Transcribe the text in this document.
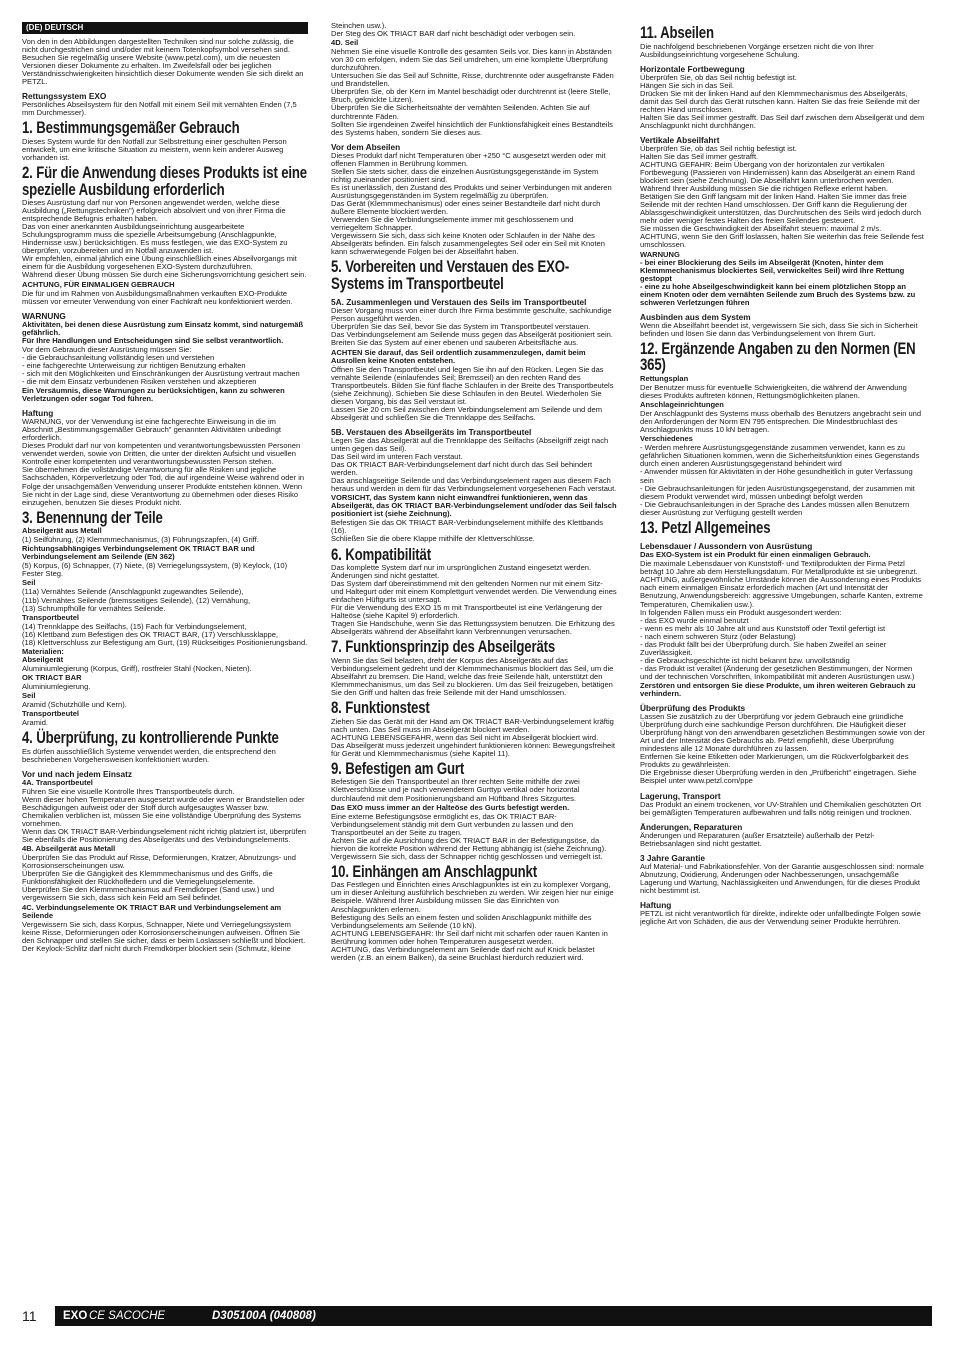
(DE) DEUTSCH

Von den in den Abbildungen dargestellten Techniken sind nur solche zulässig, die nicht durchgestrichen sind und/oder mit keinem Totenkopfsymbol versehen sind. Besuchen Sie regelmäßig unsere Website (www.petzl.com), um die neuesten Versionen dieser Dokumente zu erhalten. Im Zweifelsfall oder bei jeglichen Verständnisschwierigkeiten hinsichtlich dieser Dokumente wenden Sie sich direkt an PETZL.

Rettungssystem EXO

Persönliches Abseilsystem für den Notfall mit einem Seil mit vernähten Enden (7,5 mm Durchmesser).

1. Bestimmungsgemäßer Gebrauch

Dieses System wurde für den Notfall zur Selbstrettung einer geschulten Person entwickelt, um eine kritische Situation zu meistern, wenn kein anderer Ausweg vorhanden ist.

2. Für die Anwendung dieses Produkts ist eine spezielle Ausbildung erforderlich

Dieses Ausrüstung darf nur von Personen angewendet werden, welche diese Ausbildung („Rettungstechniken") erfolgreich absolviert und von ihrer Firma die entsprechende Befugnis erhalten haben.
Das von einer anerkannten Ausbildungseinrichtung ausgearbeitete Schulungsprogramm muss die spezielle Arbeitsumgebung (Anschlagpunkte, Hindernisse usw.) berücksichtigen. Es muss festlegen, wie das EXO-System zu überprüfen, vorzubereiten und im Notfall anzuwenden ist.
Wir empfehlen, einmal jährlich eine Übung einschließlich eines Abseilvorgangs mit einem für die Ausbildung vorgesehenen EXO-System durchzuführen.
Während dieser Übung müssen Sie durch eine Sicherungsvorrichtung gesichert sein.

ACHTUNG, FÜR EINMALIGEN GEBRAUCH

Die für und im Rahmen von Ausbildungsmaßnahmen verkauften EXO-Produkte müssen vor erneuter Verwendung von einer Fachkraft neu konfektioniert werden.

WARNUNG

Aktivitäten, bei denen diese Ausrüstung zum Einsatz kommt, sind naturgemäß gefährlich.
Für Ihre Handlungen und Entscheidungen sind Sie selbst verantwortlich.

Vor dem Gebrauch dieser Ausrüstung müssen Sie:
- die Gebrauchsanleitung vollständig lesen und verstehen
- eine fachgerechte Unterweisung zur richtigen Benutzung erhalten
- sich mit den Möglichkeiten und Einschränkungen der Ausrüstung vertraut machen
- die mit dem Einsatz verbundenen Risiken verstehen und akzeptieren

Ein Versäumnis, diese Warnungen zu berücksichtigen, kann zu schweren Verletzungen oder sogar Tod führen.

Haftung

WARNUNG, vor der Verwendung ist eine fachgerechte Einweisung in die im Abschnitt „Bestimmungsgemäßer Gebrauch" genannten Aktivitäten unbedingt erforderlich.
Dieses Produkt darf nur von kompetenten und verantwortungsbewussten Personen verwendet werden, sowie von Dritten, die unter der direkten Aufsicht und visuellen Kontrolle einer kompetenten und verantwortungsbewussten Person stehen.
Sie übernehmen die vollständige Verantwortung für alle Risiken und jegliche Sachschäden, Körperverletzung oder Tod, die auf irgendeine Weise während oder in Folge der unsachgemäßen Verwendung unserer Produkte entstehen können. Wenn Sie nicht in der Lage sind, diese Verantwortung zu übernehmen oder dieses Risiko einzugehen, benutzen Sie dieses Produkt nicht.

3. Benennung der Teile

Abseilgerät aus Metall

(1) Seilführung, (2) Klemmmechanismus, (3) Führungszapfen, (4) Griff.

Richtungsabhängiges Verbindungselement OK TRIACT BAR und Verbindungselement am Seilende (EN 362)

(5) Korpus, (6) Schnapper, (7) Niete, (8) Verriegelungssystem, (9) Keylock, (10) Fester Steg.

Seil

(11a) Vernähtes Seilende (Anschlagpunkt zugewandtes Seilende),
(11b) Vernähtes Seilende (bremsseitiges Seilende), (12) Vernähung,
(13) Schrumpfhülle für vernähtes Seilende.

Transportbeutel

(14) Trennklappe des Seilfachs, (15) Fach für Verbindungselement,
(16) Klettband zum Befestigen des OK TRIACT BAR, (17) Verschlussklappe,
(18) Klettverschluss zur Befestigung am Gurt, (19) Rückseitiges Positionierungsband.

Materialien:
Abseilgerät

Aluminiumlegierung (Korpus, Griff), rostfreier Stahl (Nocken, Nieten).

OK TRIACT BAR

Aluminiumlegierung.

Seil

Aramid (Schutzhülle und Kern).

Transportbeutel

Aramid.

4. Überprüfung, zu kontrollierende Punkte

Es dürfen ausschließlich Systeme verwendet werden, die entsprechend den beschriebenen Vorgehensweisen konfektioniert wurden.

Vor und nach jedem Einsatz

4A. Transportbeutel

Führen Sie eine visuelle Kontrolle Ihres Transportbeutels durch.
Wenn dieser hohen Temperaturen ausgesetzt wurde oder wenn er Brandstellen oder Beschädigungen aufweist oder der Stoff durch aufgesaugtes Wasser bzw. Chemikalien verblichen ist, müssen Sie eine vollständige Überprüfung des Systems vornehmen.
Wenn das OK TRIACT BAR-Verbindungselement nicht richtig platziert ist, überprüfen Sie ebenfalls die Positionierung des Abseilgeräts und des Verbindungselements.

4B. Abseilgerät aus Metall

Überprüfen Sie das Produkt auf Risse, Deformierungen, Kratzer, Abnutzungs- und Korrosionserscheinungen usw.
Überprüfen Sie die Gängigkeit des Klemmmechanismus und des Griffs, die Funktionsfähigkeit der Rückholfedern und die Verriegelungselemente.
Überprüfen Sie den Klemmmechanismus auf Fremdkörper (Sand usw.) und vergewissern Sie sich, dass sich kein Feld am Seil befindet.

4C. Verbindungselemente OK TRIACT BAR und Verbindungselement am Seilende

Vergewissern Sie sich, dass Korpus, Schnapper, Niete und Verriegelungssystem keine Risse, Deformierungen oder Korrosionserscheinungen aufweisen. Öffnen Sie den Schnapper und stellen Sie sicher, dass er beim Loslassen schließt und blockiert.
Der Keylock-Schlitz darf nicht durch Fremdkörper blockiert sein (Schmutz, kleine

Steinchen usw.).
Der Steg des OK TRIACT BAR darf nicht beschädigt oder verbogen sein.

4D. Seil

Nehmen Sie eine visuelle Kontrolle des gesamten Seils vor. Dies kann in Abständen von 30 cm erfolgen, indem Sie das Seil umdrehen, um eine komplette Überprüfung durchzuführen.
Untersuchen Sie das Seil auf Schnitte, Risse, durchtrennte oder ausgefranste Fäden und Brandstellen.
Überprüfen Sie, ob der Kern im Mantel beschädigt oder durchtrennt ist (leere Stelle, Bruch, geknickte Litzen).
Überprüfen Sie die Sicherheitsnähte der vernähten Seilenden. Achten Sie auf durchtrennte Fäden.
Sollten Sie irgendeinen Zweifel hinsichtlich der Funktionsfähigkeit eines Bestandteils des Systems haben, sondern Sie dieses aus.

Vor dem Abseilen

Dieses Produkt darf nicht Temperaturen über +250 °C ausgesetzt werden oder mit offenen Flammen in Berührung kommen.
Stellen Sie stets sicher, dass die einzelnen Ausrüstungsgegenstände im System richtig zueinander positioniert sind.
Es ist unerlässlich, den Zustand des Produkts und seiner Verbindungen mit anderen Ausrüstungsgegenständen im System regelmäßig zu überprüfen.
Das Gerät (Klemmmechanismus) oder eines seiner Bestandteile darf nicht durch äußere Elemente blockiert werden.
Verwenden Sie die Verbindungselemente immer mit geschlossenem und verriegeltem Schnapper.
Vergewissern Sie sich, dass sich keine Knoten oder Schlaufen in der Nähe des Abseilgeräts befinden. Ein falsch zusammengelegtes Seil oder ein Seil mit Knoten kann schwerwiegende Folgen bei der Abseilfahrt haben.

5. Vorbereiten und Verstauen des EXO-Systems im Transportbeutel
5A. Zusammenlegen und Verstauen des Seils im Transportbeutel

Dieser Vorgang muss von einer durch Ihre Firma bestimmte geschulte, sachkundige Person ausgeführt werden.
Überprüfen Sie das Seil, bevor Sie das System im Transportbeutel verstauen.
Das Verbindungselement am Seilende muss gegen das Abseilgerät positioniert sein. Breiten Sie das System auf einer ebenen und sauberen Arbeitsfläche aus.

ACHTEN Sie darauf, das Seil ordentlich zusammenzulegen, damit beim Ausrollen keine Knoten entstehen.

Öffnen Sie den Transportbeutel und legen Sie ihn auf den Rücken. Legen Sie das vernähte Seilende (einlaufendes Seil; Bremsseil) an den rechten Rand des Transportbeutels. Bilden Sie fünf flache Schlaufen in der Breite des Transportbeutels (siehe Zeichnung). Schieben Sie diese Schlaufen in den Beutel. Wiederholen Sie diesen Vorgang, bis das Seil verstaut ist.
Lassen Sie 20 cm Seil zwischen dem Verbindungselement am Seilende und dem Abseilgerät und schließen Sie die Trennklappe des Seilfachs.

5B. Verstauen des Abseilgeräts im Transportbeutel

Legen Sie das Abseilgerät auf die Trennklappe des Seilfachs (Abseilgriff zeigt nach unten gegen das Seil).
Das Seil wird im unteren Fach verstaut.
Das OK TRIACT BAR-Verbindungselement darf nicht durch das Seil behindert werden.
Das anschlagseitige Seilende und das Verbindungselement ragen aus diesem Fach heraus und werden in dem für das Verbindungselement vorgesehenen Fach verstaut.

VORSICHT, das System kann nicht einwandfrei funktionieren, wenn das Abseilgerät, das OK TRIACT BAR-Verbindungselement und/oder das Seil falsch positioniert ist (siehe Zeichnung).

Befestigen Sie das OK TRIACT BAR-Verbindungselement mithilfe des Klettbands (16).
Schließen Sie die obere Klappe mithilfe der Klettverschlüsse.

6. Kompatibilität

Das komplette System darf nur im ursprünglichen Zustand eingesetzt werden. Änderungen sind nicht gestattet.
Das System darf übereinstimmend mit den geltenden Normen nur mit einem Sitz- und Haltegurt oder mit einem Komplettgurt verwendet werden. Die Verwendung eines einfachen Hüftgurts ist untersagt.
Für die Verwendung des EXO 15 m mit Transportbeutel ist eine Verlängerung der Halteöse (siehe Kapitel 9) erforderlich.
Tragen Sie Handschuhe, wenn Sie das Rettungssystem benutzen. Die Erhitzung des Abseilgeräts während der Abseilfahrt kann Verbrennungen verursachen.

7. Funktionsprinzip des Abseilgeräts

Wenn Sie das Seil belasten, dreht der Korpus des Abseilgeräts auf das Verbindungselement gedreht und der Klemmmechanismus blockiert das Seil, um die Abseilfahrt zu bremsen. Die Hand, welche das freie Seilende hält, unterstützt den Klemmmechanismus, um das Seil zu blockieren. Um das Seil freizugeben, betätigen Sie den Griff und halten das freie Seilende mit der Hand umschlossen.

8. Funktionstest

Ziehen Sie das Gerät mit der Hand am OK TRIACT BAR-Verbindungselement kräftig nach unten. Das Seil muss im Abseilgerät blockiert werden.
ACHTUNG LEBENSGEFAHR, wenn das Seil nicht im Abseilgerät blockiert wird.
Das Abseilgerät muss jederzeit ungehindert funktionieren können: Bewegungsfreiheit für Gerät und Klemmmechanismus (siehe Kapitel 11).

9. Befestigen am Gurt

Befestigen Sie den Transportbeutel an Ihrer rechten Seite mithilfe der zwei Klettverschlüsse und je nach verwendetem Gurttyp vertikal oder horizontal durchlaufend mit dem Positionierungsband am Hüftband Ihres Sitzgurtes.

Das EXO muss immer an der Halteöse des Gurts befestigt werden.

Eine externe Befestigungsöse ermöglicht es, das OK TRIACT BAR-Verbindungselement ständig mit dem Gurt verbunden zu lassen und den Transportbeutel an der Seite zu tragen.
Achten Sie auf die Ausrichtung des OK TRIACT BAR in der Befestigungsöse, da hiervon die korrekte Position während der Rettung abhängig ist (siehe Zeichnung). Vergewissern Sie sich, dass der Schnapper richtig geschlossen und verriegelt ist.

10. Einhängen am Anschlagpunkt

Das Festlegen und Einrichten eines Anschlagpunktes ist ein zu komplexer Vorgang, um in dieser Anleitung ausführlich beschrieben zu werden. Wir zeigen hier nur einige Beispiele. Während Ihrer Ausbildung müssen Sie das Einrichten von Anschlagpunkten erlernen.
Befestigung des Seils an einem festen und soliden Anschlagpunkt mithilfe des Verbindungselements am Seilende (10 kN).
ACHTUNG LEBENSGEFAHR: Ihr Seil darf nicht mit scharfen oder rauen Kanten in Berührung kommen oder hohen Temperaturen ausgesetzt werden.
ACHTUNG, das Verbindungselement am Seilende darf nicht auf Knick belastet werden (z.B. an einem Balken), da seine Bruchlast hierdurch reduziert wird.

11. Abseilen

Die nachfolgend beschriebenen Vorgänge ersetzen nicht die von Ihrer Ausbildungseinrichtung vorgesehene Schulung.

Horizontale Fortbewegung

Überprüfen Sie, ob das Seil richtig befestigt ist.
Hängen Sie sich in das Seil.
Drücken Sie mit der linken Hand auf den Klemmmechanismus des Abseilgeräts, damit das Seil durch das Gerät rutschen kann. Halten Sie das freie Seilende mit der rechten Hand umschlossen.
Halten Sie das Seil immer gestrafft. Das Seil darf zwischen dem Abseilgerät und dem Anschlagpunkt nicht durchhängen.

Vertikale Abseilfahrt

Überprüfen Sie, ob das Seil richtig befestigt ist.
Halten Sie das Seil immer gestrafft.
ACHTUNG GEFAHR: Beim Übergang von der horizontalen zur vertikalen Fortbewegung (Passieren von Hindernissen) kann das Abseilgerät an einem Rand blockiert sein (siehe Zeichnung). Die Abseilfahrt kann unterbrochen werden. Während Ihrer Ausbildung müssen Sie die richtigen Reflexe erlernt haben.
Betätigen Sie den Griff langsam mit der linken Hand. Halten Sie immer das freie Seilende mit der rechten Hand umschlossen. Der Griff kann die Regulierung der Ablassgeschwindigkeit unterstützen, das Durchrutschen des Seils wird jedoch durch mehr oder weniger festes Halten des freien Seilendes gesteuert.
Sie müssen die Geschwindigkeit der Abseilfahrt steuern: maximal 2 m/s.
ACHTUNG, wenn Sie den Griff loslassen, halten Sie weiterhin das freie Seilende fest umschlossen.

WARNUNG
- bei einer Blockierung des Seils im Abseilgerät (Knoten, hinter dem Klemmmechanismus blockiertes Seil, verwickeltes Seil) wird Ihre Rettung gestoppt
- eine zu hohe Abseilgeschwindigkeit kann bei einem plötzlichen Stopp an einem Knoten oder dem vernähten Seilende zum Bruch des Systems bzw. zu schweren Verletzungen führen

Ausbinden aus dem System

Wenn die Abseilfahrt beendet ist, vergewissern Sie sich, dass Sie sich in Sicherheit befinden und lösen Sie dann das Verbindungselement von Ihrem Gurt.

12. Ergänzende Angaben zu den Normen (EN 365)

Rettungsplan

Der Benutzer muss für eventuelle Schwierigkeiten, die während der Anwendung dieses Produkts auftreten können, Rettungsmöglichkeiten planen.

Anschlageinrichtungen

Der Anschlagpunkt des Systems muss oberhalb des Benutzers angebracht sein und den Anforderungen der Norm EN 795 entsprechen. Die Mindestbruchlast des Anschlagpunkts muss 10 kN betragen.

Verschiedenes

- Werden mehrere Ausrüstungsgegenstände zusammen verwendet, kann es zu gefährlichen Situationen kommen, wenn die Sicherheitsfunktion eines Gegenstands durch einen anderen Ausrüstungsgegenstand behindert wird
- Anwender müssen für Aktivitäten in der Höhe gesundheitlich in guter Verfassung sein
- Die Gebrauchsanleitungen für jeden Ausrüstungsgegenstand, der zusammen mit diesem Produkt verwendet wird, müssen unbedingt befolgt werden
- Die Gebrauchsanleitungen in der Sprache des Landes müssen allen Benutzern dieser Ausrüstung zur Verfügung gestellt werden

13. Petzl Allgemeines
Lebensdauer / Aussondern von Ausrüstung

Das EXO-System ist ein Produkt für einen einmaligen Gebrauch.

Die maximale Lebensdauer von Kunststoff- und Textilprodukten der Firma Petzl beträgt 10 Jahre ab dem Herstellungsdatum. Für Metallprodukte ist sie unbegrenzt.
ACHTUNG, außergewöhnliche Umstände können die Aussonderung eines Produkts nach einem einmaligen Einsatz erforderlich machen (Art und Intensität der Benutzung, Anwendungsbereich: aggressive Umgebungen, scharfe Kanten, extreme Temperaturen, Chemikalien usw.).
In folgenden Fällen muss ein Produkt ausgesondert werden:
- das EXO wurde einmal benutzt
- wenn es mehr als 10 Jahre alt und aus Kunststoff oder Textil gefertigt ist
- nach einem schweren Sturz (oder Belastung)
- das Produkt fällt bei der Überprüfung durch. Sie haben Zweifel an seiner Zuverlässigkeit.
- die Gebrauchsgeschichte ist nicht bekannt bzw. unvollständig
- das Produkt ist veraltet (Änderung der gesetzlichen Bestimmungen, der Normen und der technischen Vorschriften, Inkompatibilität mit anderen Ausrüstungen usw.)

Zerstören und entsorgen Sie diese Produkte, um ihren weiteren Gebrauch zu verhindern.

Überprüfung des Produkts

Lassen Sie zusätzlich zu der Überprüfung vor jedem Gebrauch eine gründliche Überprüfung durch eine sachkundige Person durchführen. Die Häufigkeit dieser Überprüfung hängt von den anwendbaren gesetzlichen Bestimmungen sowie von der Art und der Intensität des Gebrauchs ab. Petzl empfiehlt, diese Überprüfung mindestens alle 12 Monate durchführen zu lassen.
Entfernen Sie keine Etiketten oder Markierungen, um die Rückverfolgbarkeit des Produkts zu gewährleisten.
Die Ergebnisse dieser Überprüfung werden in den „Prüfbericht" eingetragen. Siehe Beispiel unter www.petzl.com/ppe

Lagerung, Transport

Das Produkt an einem trockenen, vor UV-Strahlen und Chemikalien geschützten Ort bei gemäßigten Temperaturen aufbewahren und falls nötig reinigen und trocknen.

Änderungen, Reparaturen

Änderungen und Reparaturen (außer Ersatzteile) außerhalb der Petzl-Betriebsanlagen sind nicht gestattet.

3 Jahre Garantie

Auf Material- und Fabrikationsfehler. Von der Garantie ausgeschlossen sind: normale Abnutzung, Oxidierung, Änderungen oder Nachbesserungen, unsachgemäße Lagerung und Wartung, Nachlässigkeiten und Anwendungen, für die dieses Produkt nicht bestimmt ist.

Haftung

PETZL ist nicht verantwortlich für direkte, indirekte oder unfallbedingte Folgen sowie jegliche Art von Schäden, die aus der Verwendung seiner Produkte herrühren.

11 EXO CE SACOCHE	D305100A (040808)
